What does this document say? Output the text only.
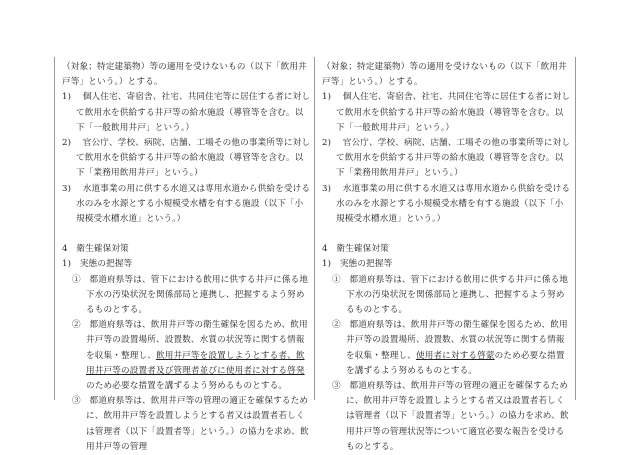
（対象；特定建築物）等の適用を受けないもの（以下「飲用井戸等」という。）とする。

1)　 個人住宅、寄宿舎、社宅、共同住宅等に居住する者に対して飲用水を供給する井戸等の給水施設（導管等を含む。以下「一般飲用井戸」という。）

2)　 官公庁、学校、病院、店舗、工場その他の事業所等に対して飲用水を供給する井戸等の給水施設（導管等を含む。以下「業務用飲用井戸」という。）

3)　 水道事業の用に供する水道又は専用水道から供給を受ける水のみを水源とする小規模受水槽を有する施設（以下「小規模受水槽水道」という。）

4　衛生確保対策

1)　実態の把握等

①　 都道府県等は、管下における飲用に供する井戸に係る地下水の汚染状況を関係部局と連携し、把握するよう努めるものとする。

②　 都道府県等は、飲用井戸等の衛生確保を図るため、飲用井戸等の設置場所、設置数、水質の状況等に関する情報を収集・整理し、飲用井戸等を設置しようとする者、飲用井戸等の設置者及び管理者並びに使用者に対する啓発のため必要な措置を講ずるよう努めるものとする。

③　 都道府県等は、飲用井戸等の管理の適正を確保するために、飲用井戸等を設置しようとする者又は設置者若しくは管理者（以下「設置者等」という。）の協力を求め、飲用井戸等の管理

（対象；特定建築物）等の適用を受けないもの（以下「飲用井戸等」という。）とする。

1)　 個人住宅、寄宿舎、社宅、共同住宅等に居住する者に対して飲用水を供給する井戸等の給水施設（導管等を含む。以下「一般飲用井戸」という。）

2)　 官公庁、学校、病院、店舗、工場その他の事業所等に対して飲用水を供給する井戸等の給水施設（導管等を含む。以下「業務用飲用井戸」という。）

3)　 水道事業の用に供する水道又は専用水道から供給を受ける水のみを水源とする小規模受水槽を有する施設（以下「小規模受水槽水道」という。）

4　衛生確保対策

1)　実態の把握等

①　 都道府県等は、管下における飲用に供する井戸に係る地下水の汚染状況を関係部局と連携し、把握するよう努めるものとする。

②　 都道府県等は、飲用井戸等の衛生確保を図るため、飲用井戸等の設置場所、設置数、水質の状況等に関する情報を収集・整理し、使用者に対する啓蒙のため必要な措置を講ずるよう努めるものとする。

③　 都道府県等は、飲用井戸等の管理の適正を確保するために、飲用井戸等を設置しようとする者又は設置者若しくは管理者（以下「設置者等」という。）の協力を求め、飲用井戸等の管理状況等について適宜必要な報告を受けるものとする。
